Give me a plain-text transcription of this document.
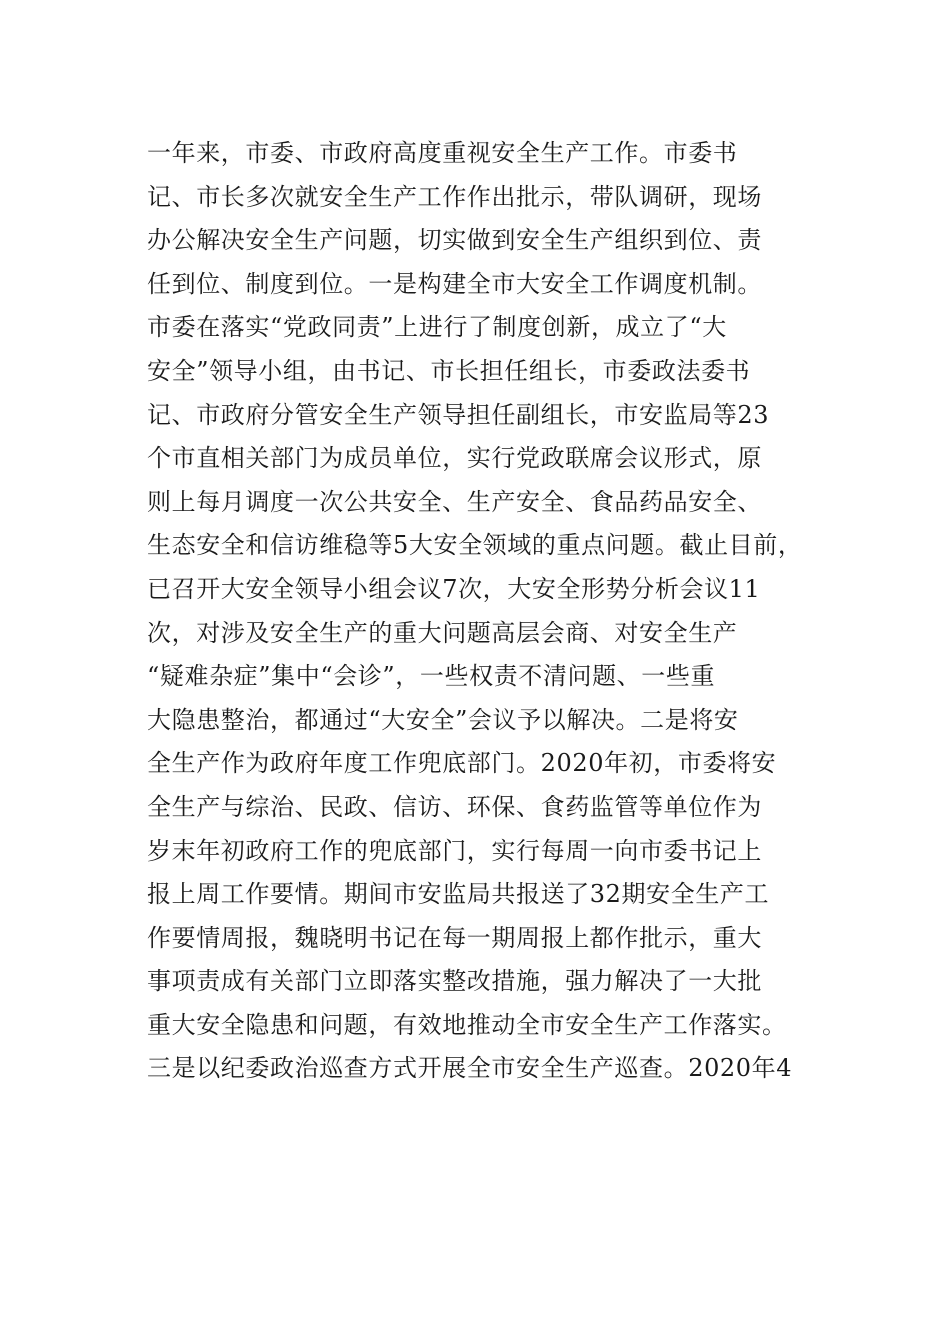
一年来，市委、市政府高度重视安全生产工作。市委书
记、市长多次就安全生产工作作出批示，带队调研，现场
办公解决安全生产问题，切实做到安全生产组织到位、责
任到位、制度到位。一是构建全市大安全工作调度机制。
市委在落实“党政同责”上进行了制度创新，成立了“大
安全”领导小组，由书记、市长担任组长，市委政法委书
记、市政府分管安全生产领导担任副组长，市安监局等23
个市直相关部门为成员单位，实行党政联席会议形式，原
则上每月调度一次公共安全、生产安全、食品药品安全、
生态安全和信访维稳等5大安全领域的重点问题。截止目前，
已召开大安全领导小组会议7次，大安全形势分析会议11
次，对涉及安全生产的重大问题高层会商、对安全生产
“疑难杂症”集中“会诊”，一些权责不清问题、一些重
大隐患整治，都通过“大安全”会议予以解决。二是将安
全生产作为政府年度工作兜底部门。2020年初，市委将安
全生产与综治、民政、信访、环保、食药监管等单位作为
岁末年初政府工作的兜底部门，实行每周一向市委书记上
报上周工作要情。期间市安监局共报送了32期安全生产工
作要情周报，魏晓明书记在每一期周报上都作批示，重大
事项责成有关部门立即落实整改措施，强力解决了一大批
重大安全隐患和问题，有效地推动全市安全生产工作落实。
三是以纪委政治巡查方式开展全市安全生产巡查。2020年4
